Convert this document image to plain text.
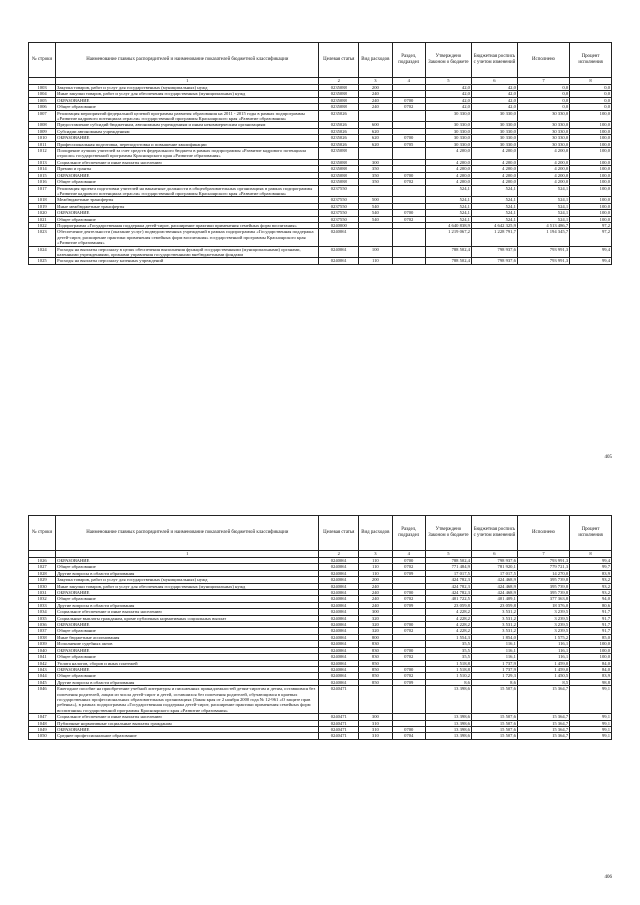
№ строки	Наименование главных распорядителей и наименование показателей бюджетной классификации	Целевая статья	Вид расходов	Раздел, подраздел	Утверждено Законом о бюджете	Бюджетная роспись с учетом изменений	Исполнено	Процент исполнения
	1	2	3	4	5	6	7	8
1003	Закупка товаров, работ и услуг для государственных (муниципальных) нужд	0235088	200		42,0	42,0	0,0	0,0
1004	Иные закупки товаров, работ и услуг для обеспечения государственных (муниципальных) нужд	0235088	240		42,0	42,0	0,0	0,0
1005	ОБРАЗОВАНИЕ	0235088	240	0700	42,0	42,0	0,0	0,0
1006	Общее образование	0235088	240	0702	42,0	42,0	0,0	0,0
1007	Реализация мероприятий федеральной целевой программы развития образования на 2011 - 2015 годы в рамках подпрограммы «Развитие кадрового потенциала отрасли» государственной программы Красноярского края «Развитие образования»	0235026			30 330,0	30 330,0	30 330,0	100,0
1008	Предоставление субсидий бюджетным, автономным учреждениям и иным некоммерческим организациям	0235026	600		30 330,0	30 330,0	30 330,0	100,0
1009	Субсидии автономным учреждениям	0235026	620		30 330,0	30 330,0	30 330,0	100,0
1010	ОБРАЗОВАНИЕ	0235026	620	0700	30 330,0	30 330,0	30 330,0	100,0
1011	Профессиональная подготовка, переподготовка и повышение квалификации	0235026	620	0705	30 330,0	30 330,0	30 330,0	100,0
1012	Поощрение лучших учителей за счет средств федерального бюджета в рамках подпрограммы «Развитие кадрового потенциала отрасли» государственной программы Красноярского края «Развитие образования»	0235088			4 200,0	4 200,0	4 200,0	100,0
1013	Социальное обеспечение и иные выплаты населению	0235088	300		4 200,0	4 200,0	4 200,0	100,0
1014	Премии и гранты	0235088	350		4 200,0	4 200,0	4 200,0	100,0
1015	ОБРАЗОВАНИЕ	0235088	350	0700	4 200,0	4 200,0	4 200,0	100,0
1016	Общее образование	0235088	350	0702	4 200,0	4 200,0	4 200,0	100,0
1017	Реализация проекта подготовки учителей на вакантные должности в общеобразовательных организациях в рамках подпрограммы «Развитие кадрового потенциала отрасли» государственной программы Красноярского края «Развитие образования»	0237550			524,1	524,1	524,1	100,0
1018	Межбюджетные трансферты	0237550	500		524,1	524,1	524,1	100,0
1019	Иные межбюджетные трансферты	0237550	540		524,1	524,1	524,1	100,0
1020	ОБРАЗОВАНИЕ	0237550	540	0700	524,1	524,1	524,1	100,0
1021	Общее образование	0237550	540	0702	524,1	524,1	524,1	100,0
1022	Подпрограмма «Государственная поддержка детей-сирот, расширение практики применения семейных форм воспитания»	0240000			4 640 838,9	4 642 325,9	4 513 486,7	97,2
1023	Обеспечение деятельности (оказание услуг) подведомственных учреждений в рамках подпрограммы «Государственная поддержка детей-сирот, расширение практики применения семейных форм воспитания» государственной программы Красноярского края «Развитие образования»	0240061			1 219 067,2	1 228 791,7	1 194 345,7	97,2
1024	Расходы на выплаты персоналу в целях обеспечения выполнения функций государственными (муниципальными) органами, казенными учреждениями, органами управления государственными внебюджетными фондами	0240061	100		788 502,4	798 937,6	793 991,3	99,4
1025	Расходы на выплаты персоналу казенных учреждений	0240061	110		788 502,4	798 937,6	793 991,3	99,4
405
№ строки	Наименование главных распорядителей и наименование показателей бюджетной классификации	Целевая статья	Вид расходов	Раздел, подраздел	Утверждено Законом о бюджете	Бюджетная роспись с учетом изменений	Исполнено	Процент исполнения
	1	2	3	4	5	6	7	8
1026	ОБРАЗОВАНИЕ	0240061	110	0700	788 502,4	798 937,6	793 991,3	99,4
1027	Общее образование	0240061	110	0702	771 484,9	781 920,1	779 721,3	99,7
1028	Другие вопросы в области образования	0240061	110	0709	17 017,5	17 017,5	14 270,0	83,9
1029	Закупка товаров, работ и услуг для государственных (муниципальных) нужд	0240061	200		424 782,3	424 468,9	395 739,8	93,2
1030	Иные закупки товаров, работ и услуг для обеспечения государственных (муниципальных) нужд	0240061	240		424 782,3	424 468,9	395 739,8	93,2
1031	ОБРАЗОВАНИЕ	0240061	240	0700	424 782,3	424 468,9	395 739,8	93,2
1032	Общее образование	0240061	240	0702	401 722,5	401 409,1	377 363,8	94,0
1033	Другие вопросы в области образования	0240061	240	0709	23 059,8	23 059,8	18 376,0	80,6
1034	Социальное обеспечение и иные выплаты населению	0240061	300		4 228,2	3 531,2	3 239,5	91,7
1035	Социальные выплаты гражданам, кроме публичных нормативных социальных выплат	0240061	320		4 228,2	3 531,2	3 239,5	91,7
1036	ОБРАЗОВАНИЕ	0240061	320	0700	4 228,2	3 531,2	3 239,5	91,7
1037	Общее образование	0240061	320	0702	4 228,2	3 531,2	3 239,5	91,7
1038	Иные бюджетные ассигнования	0240061	800		1 554,3	1 854,0	1 575,2	85,0
1039	Исполнение судебных актов	0240061	830		35,5	116,1	116,1	100,0
1040	ОБРАЗОВАНИЕ	0240061	830	0700	35,5	116,1	116,1	100,0
1041	Общее образование	0240061	830	0702	35,5	116,1	116,1	100,0
1042	Уплата налогов, сборов и иных платежей	0240061	850		1 518,8	1 737,9	1 459,0	84,0
1043	ОБРАЗОВАНИЕ	0240061	850	0700	1 518,8	1 737,9	1 459,0	84,0
1044	Общее образование	0240061	850	0702	1 510,2	1 729,3	1 450,5	83,9
1045	Другие вопросы в области образования	0240061	850	0709	8,6	8,6	8,5	98,8
1046	Ежегодное пособие на приобретение учебной литературы и письменных принадлежностей детям-сиротам и детям, оставшимся без попечения родителей, лицам из числа детей-сирот и детей, оставшихся без попечения родителей, обучающимся в краевых государственных профессиональных образовательных организациях (Закон края от 2 ноября 2000 года № 12-961 «О защите прав ребенка»), в рамках подпрограммы «Государственная поддержка детей-сирот, расширение практики применения семейных форм воспитания» государственной программы Красноярского края «Развитие образования»	0240471			13 398,6	15 507,6	15 364,7	99,1
1047	Социальное обеспечение и иные выплаты населению	0240471	300		13 398,6	15 507,6	15 364,7	99,1
1048	Публичные нормативные социальные выплаты гражданам	0240471	310		13 398,6	15 507,6	15 364,7	99,1
1049	ОБРАЗОВАНИЕ	0240471	310	0700	13 398,6	15 507,6	15 364,7	99,1
1050	Среднее профессиональное образование	0240471	310	0704	13 398,6	15 507,6	15 364,7	99,1
406
